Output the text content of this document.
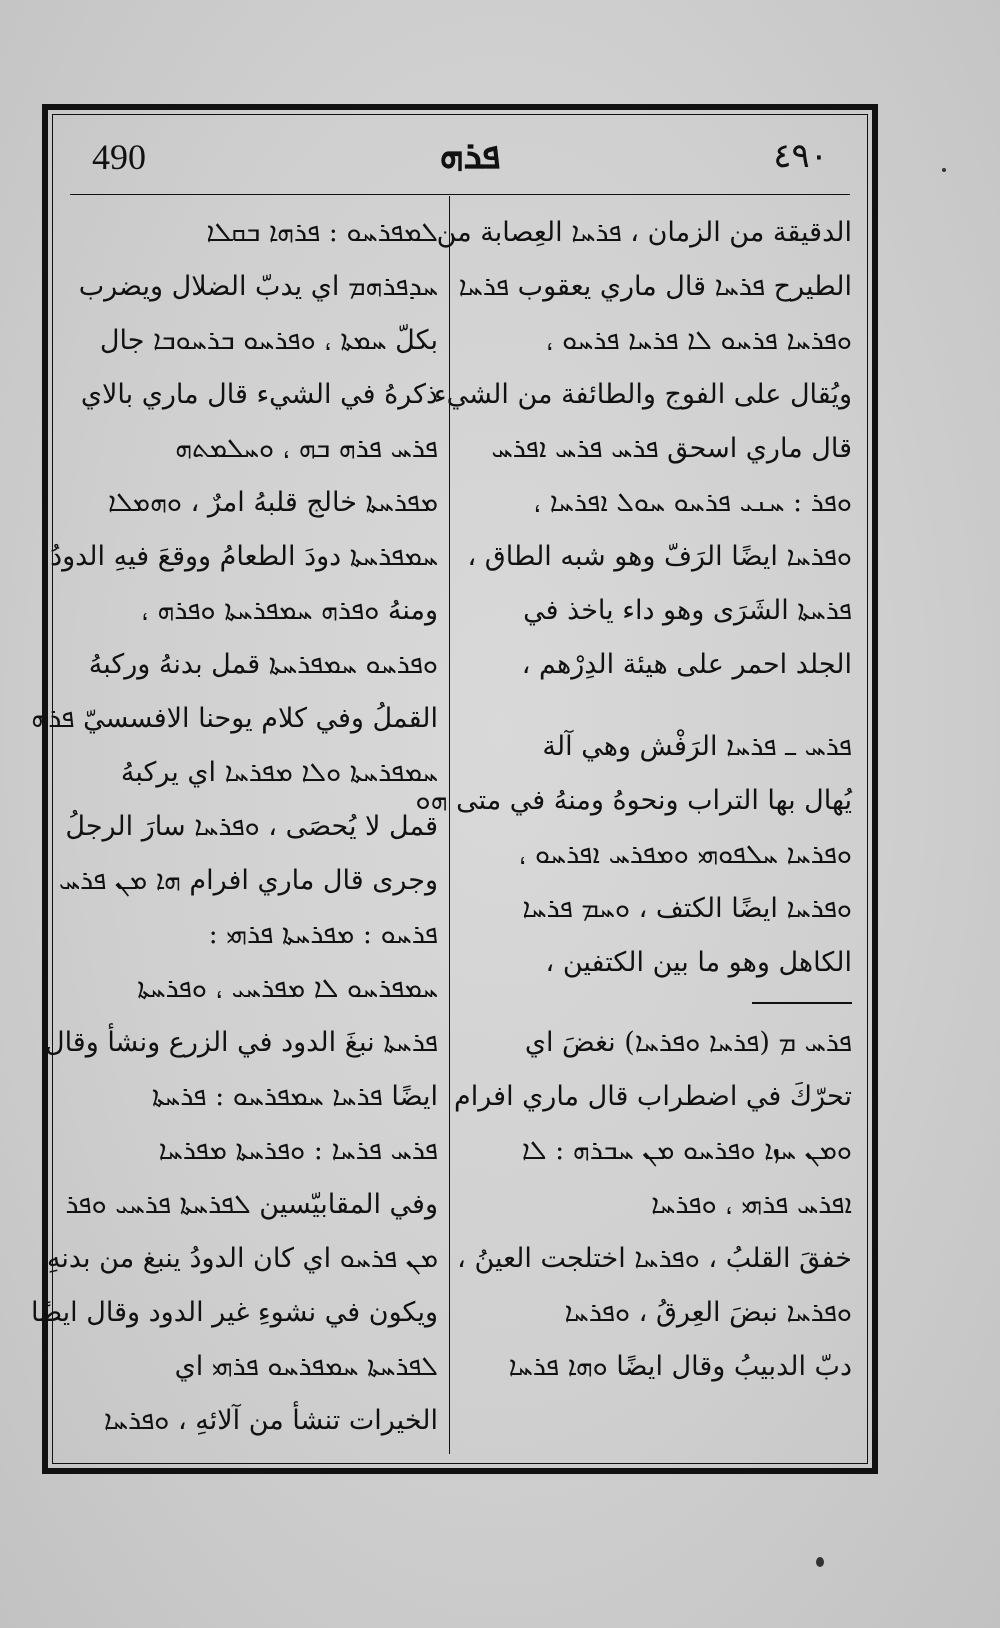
490	ܦܪܗ	٤٩٠
ܠܡܦܪܚܘ : ܦܪܗܐ ܒܩܠܐ
ܚܕܦܪܗܡ اي يدبّ الضلال ويضرب
بكلّ ܚܡܬܐ ، ܘܦܪܚܘ ܒܪܚܘܒܐ جال
ذكرهُ في الشيء قال ماري بالاي
ܦܪܚ ܦܪܗ ܒܗ ، ܘܚܠܡܬܗ
ܡܦܪܚܬܐ خالج قلبهُ امرٌ ، ܘܗܡܠܐ
ܚܡܦܪܚܬܐ دودَ الطعامُ ووقعَ فيهِ الدودُ
ومنهُ ܘܦܪܗ ܚܡܦܪܚܬܐ ܘܦܪܗ ،
ܘܦܪܚܘ ܚܡܦܪܚܬܐ قمل بدنهُ وركبهُ
القملُ وفي كلام يوحنا الافسسيّ ܦܪܗ
ܚܡܦܪܚܬܐ ܘܠܐ ܡܦܪܚܐ اي يركبهُ
قمل لا يُحصَى ، ܘܦܪܚܐ سارَ الرجلُ
وجرى قال ماري افرام ܗܐ ܡܢ ܦܪܚ
ܦܪܚܘ : ܡܦܪܚܬܐ ܦܪܗܝ :
ܚܡܦܪܚܘ ܠܐ ܡܦܪܚܝ ، ܘܦܪܚܬܐ
ܦܪܚܬܐ نبغَ الدود في الزرع ونشأ وقال
ايضًا ܦܪܚܐ ܚܡܦܪܚܘ : ܦܪܚܬܐ
ܦܪܚ ܦܪܚܐ : ܘܦܪܚܬܐ ܡܦܪܚܐ
وفي المقابيّسين ܠܦܪܚܬܐ ܦܪܚܝ ܘܦܪ
ܡܢ ܦܪܚܘ اي كان الدودُ ينبغ من بدنهِ
ويكون في نشوءِ غير الدود وقال ايضًا
ܠܦܪܚܬܐ ܚܡܦܪܚܘ ܦܪܗܝ اي
الخيرات تنشأ من آلائهِ ، ܘܦܪܚܐ
الدقيقة من الزمان ، ܦܪܚܐ العِصابة من
الطيرح ܦܪܚܐ قال ماري يعقوب ܦܪܚܐ
ܘܦܪܚܐ ܦܪܚܘ ܠܐ ܦܪܚܐ ܦܪܚܘ ،
ويُقال على الفوج والطائفة من الشيء
قال ماري اسحق ܦܪܚ ܦܪܚ ܐܦܪܚ
ܘܦܪ : ܚܢܝ ܦܪܚܘ ܚܘܠ ܐܦܪܚܐ ،
ܘܦܪܚܐ ايضًا الرَفّ وهو شبه الطاق ،
ܦܪܚܬܐ الشَرَى وهو داء ياخذ في
الجلد احمر على هيئة الدِرْهم ،
ܦܪܚ ـ ܦܪܚܐ الرَفْش وهي آلة
يُهال بها التراب ونحوهُ ومنهُ في متى ܗܘ
ܘܦܪܚܐ ܚܠܦܘܗܝ ܘܡܦܪܚ ܐܦܪܚܘ ،
ܘܦܪܚܐ ايضًا الكتف ، ܘܚܡ ܦܪܚܐ
الكاهل وهو ما بين الكتفين ،
ܦܪܚ ܡ (ܦܪܚܐ ܘܦܪܚܐ) نغضَ اي
تحرّكَ في اضطراب قال ماري افرام
ܘܡܢ ܚܙܐ ܘܦܪܚܘ ܡܢ ܚܒܪܗ : ܠܐ
ܐܦܪܚ ܦܪܗܝ ، ܘܦܪܚܐ
خفقَ القلبُ ، ܘܦܪܚܐ اختلجت العينُ ،
ܘܦܪܚܐ نبضَ العِرقُ ، ܘܦܪܚܐ
دبّ الدبيبُ وقال ايضًا ܘܗܐ ܦܪܚܐ
